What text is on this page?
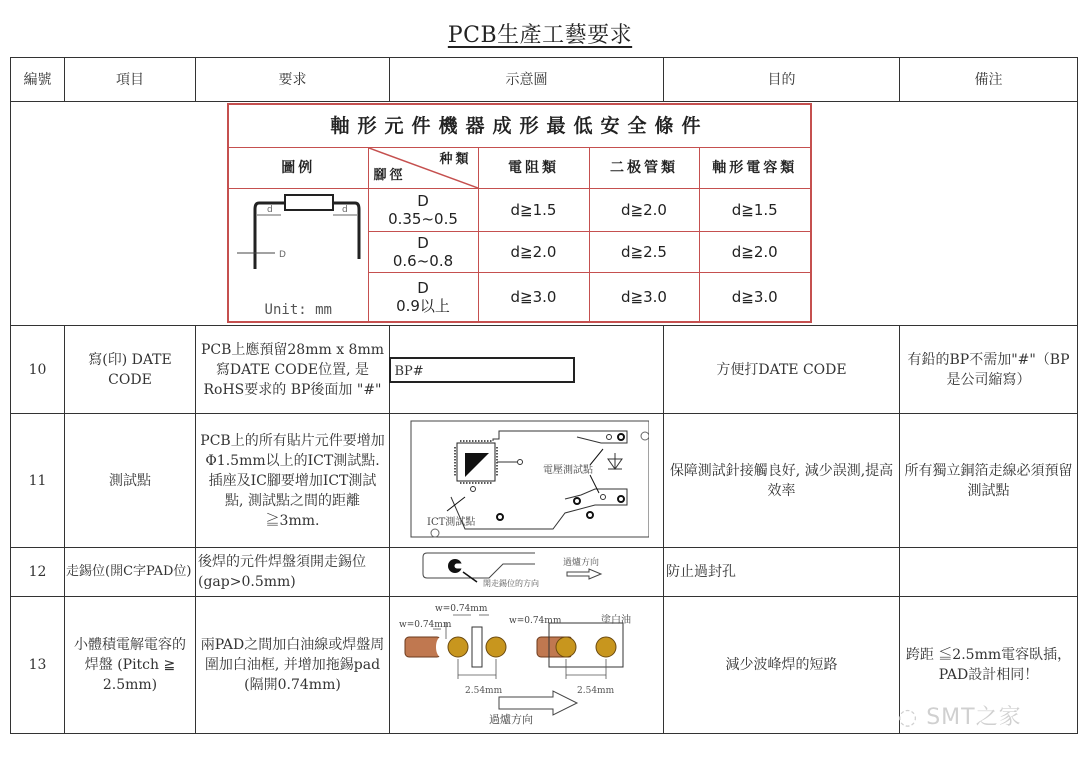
PCB生產工藝要求
編號	項目	要求	示意圖	目的	備注

軸形元件機器成形最低安全條件
圖例	
种類
腳徑	電阻類	二极管類	軸形電容類

d	d
D
Unit: mm

D
0.35~0.5	d≧1.5	d≧2.0	d≧1.5

D
0.6~0.8	d≧2.0	d≧2.5	d≧2.0

D
0.9以上	d≧3.0	d≧3.0	d≧3.0

10	寫(印) DATE CODE	PCB上應預留28mm x 8mm寫DATE CODE位置, 是RoHS要求的 BP後面加 "#"	BP#	方便打DATE CODE	有鉛的BP不需加"#"（BP是公司縮寫）
11	測試點	PCB上的所有貼片元件要增加Φ1.5mm以上的ICT測試點. 插座及IC腳要增加ICT測試點, 測試點之間的距離≧3mm.	
電壓測試點
ICT測試點
	保障測試針接觸良好, 減少誤測,提高效率	所有獨立銅箔走線必須預留測試點
12	走錫位(開C字PAD位)	後焊的元件焊盤須開走錫位(gap>0.5mm)	開走錫位的方向
過爐方向
	防止過封孔	
13	小體積電解電容的焊盤 (Pitch ≧ 2.5mm)	兩PAD之間加白油線或焊盤周圍加白油框, 并增加拖錫pad (隔開0.74mm)	
w=0.74mm
w=0.74mm
w=0.74mm	塗白油
2.54mm	2.54mm
過爐方向
	減少波峰焊的短路	跨距 ≦2.5mm電容臥插，PAD設計相同！
◌ SMT之家
